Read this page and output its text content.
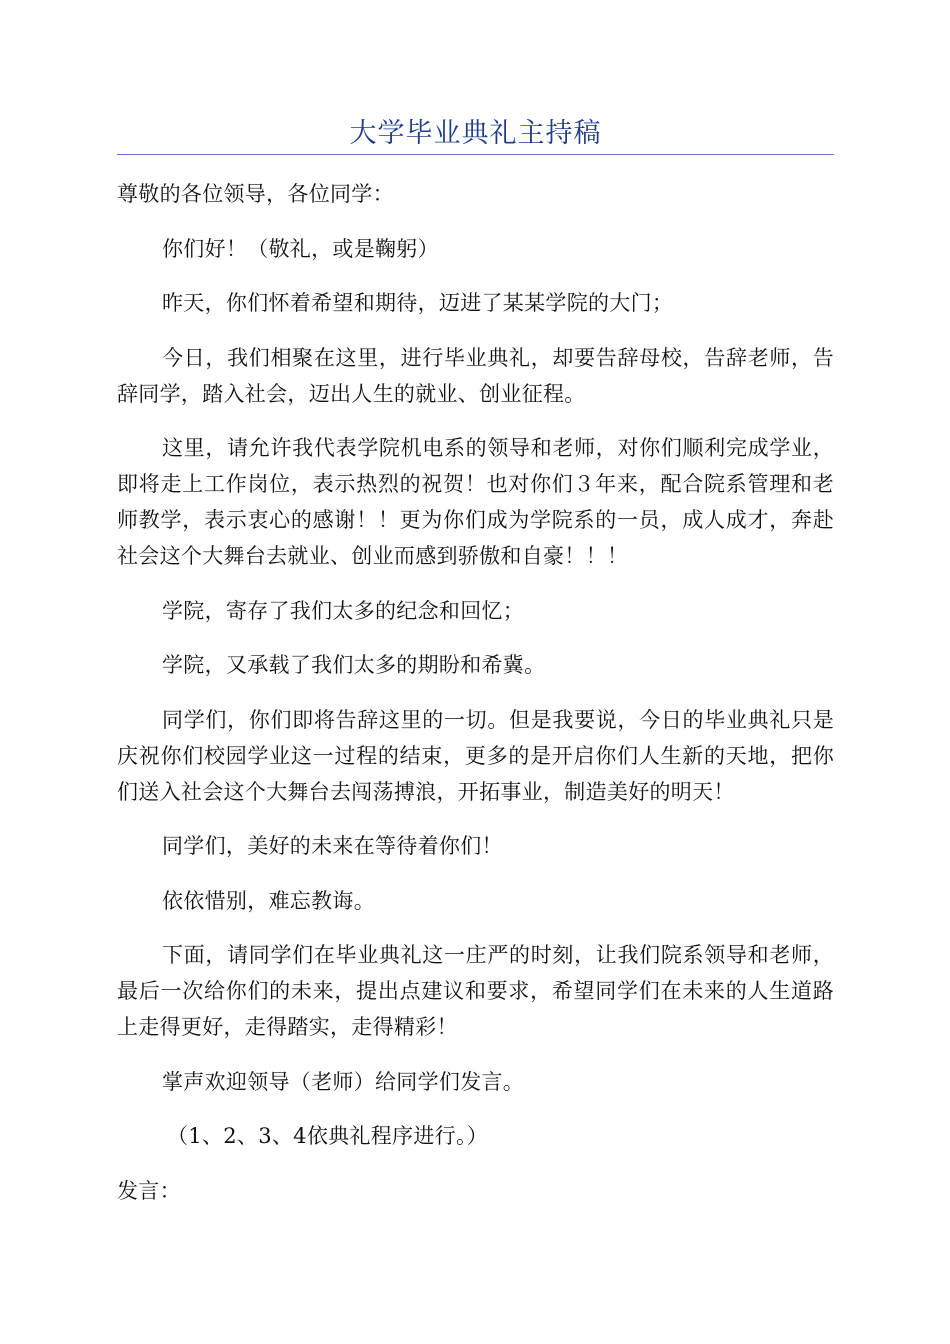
大学毕业典礼主持稿

尊敬的各位领导，各位同学：

你们好！（敬礼，或是鞠躬）

昨天，你们怀着希望和期待，迈进了某某学院的大门；

今日，我们相聚在这里，进行毕业典礼，却要告辞母校，告辞老师，告辞同学，踏入社会，迈出人生的就业、创业征程。

这里，请允许我代表学院机电系的领导和老师，对你们顺利完成学业，即将走上工作岗位，表示热烈的祝贺！也对你们３年来，配合院系管理和老师教学，表示衷心的感谢！！更为你们成为学院系的一员，成人成才，奔赴社会这个大舞台去就业、创业而感到骄傲和自豪！！！

学院，寄存了我们太多的纪念和回忆；

学院，又承载了我们太多的期盼和希冀。

同学们，你们即将告辞这里的一切。但是我要说，今日的毕业典礼只是庆祝你们校园学业这一过程的结束，更多的是开启你们人生新的天地，把你们送入社会这个大舞台去闯荡搏浪，开拓事业，制造美好的明天！

同学们，美好的未来在等待着你们！

依依惜别，难忘教诲。

下面，请同学们在毕业典礼这一庄严的时刻，让我们院系领导和老师，最后一次给你们的未来，提出点建议和要求，希望同学们在未来的人生道路上走得更好，走得踏实，走得精彩！

掌声欢迎领导（老师）给同学们发言。

（1、2、3、4依典礼程序进行。）

发言：
